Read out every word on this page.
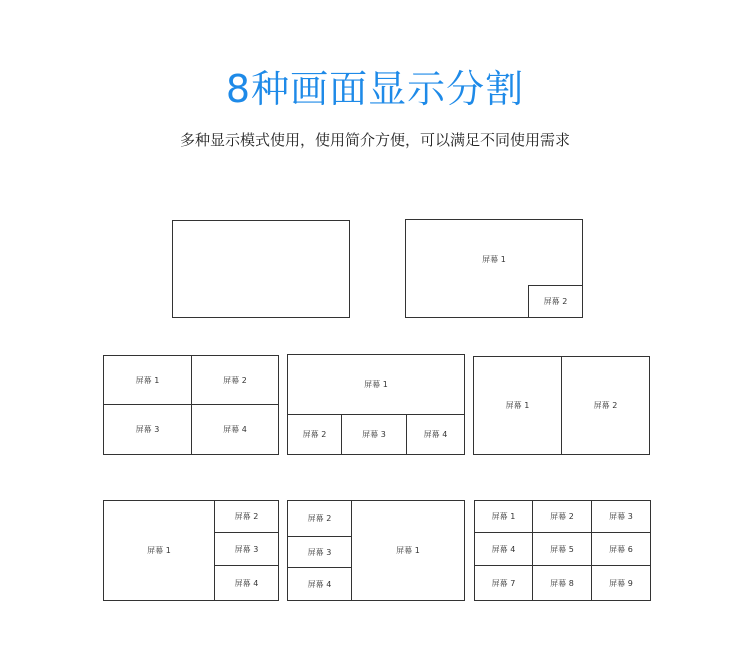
8种画面显示分割
多种显示模式使用，使用简介方便，可以满足不同使用需求
屏幕 1
屏幕 2
屏幕 1	屏幕 2
屏幕 3	屏幕 4
屏幕 1
屏幕 2	屏幕 3	屏幕 4
屏幕 1	屏幕 2
屏幕 1
屏幕 2
屏幕 3
屏幕 4
屏幕 2
屏幕 3
屏幕 4
屏幕 1
屏幕 1	屏幕 2	屏幕 3
屏幕 4	屏幕 5	屏幕 6
屏幕 7	屏幕 8	屏幕 9
